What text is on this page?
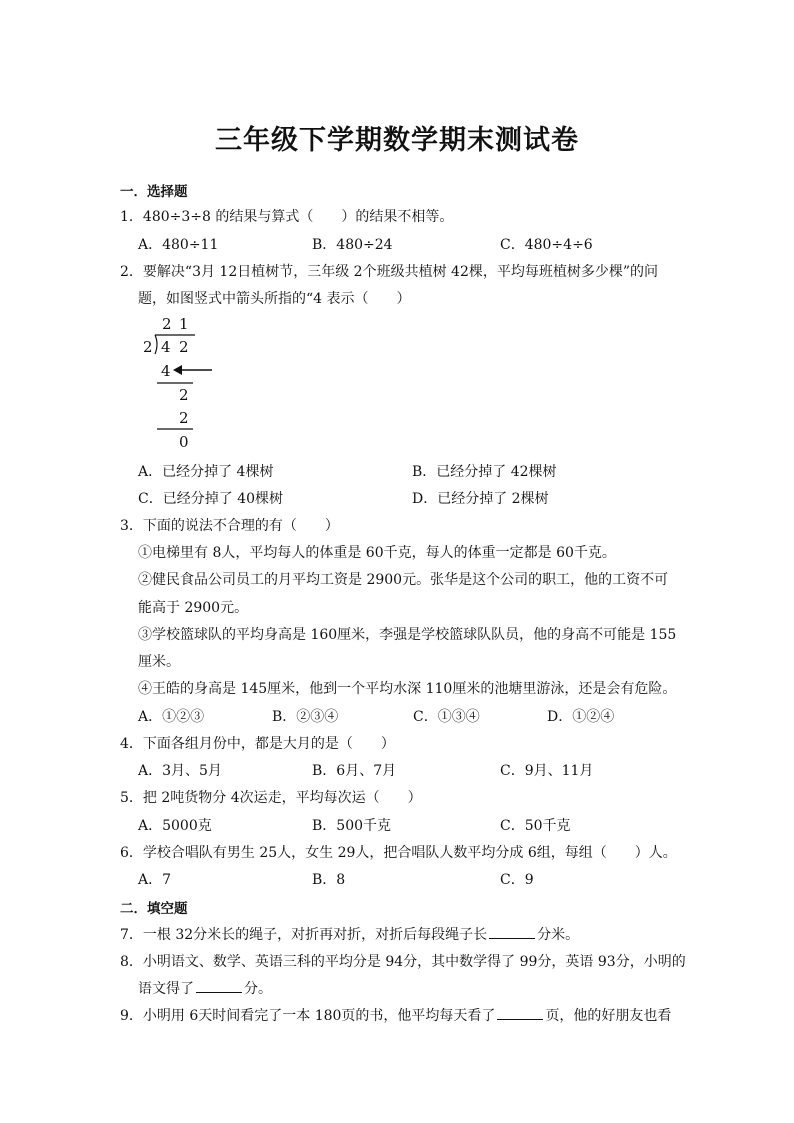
三年级下学期数学期末测试卷
一．选择题
1．480÷3÷8 的结果与算式（　　）的结果不相等。
A．480÷11	B．480÷24	C．480÷4÷6
2．要解决“3月 12日植树节，三年级 2个班级共植树 42棵，平均每班植树多少棵”的问
题，如图竖式中箭头所指的“4 表示（　　）
2 1
2 4 2
4
2
2
0
A．已经分掉了 4棵树	B．已经分掉了 42棵树
C．已经分掉了 40棵树	D．已经分掉了 2棵树
3．下面的说法不合理的有（　　）
①电梯里有 8人，平均每人的体重是 60千克，每人的体重一定都是 60千克。
②健民食品公司员工的月平均工资是 2900元。张华是这个公司的职工，他的工资不可
能高于 2900元。
③学校篮球队的平均身高是 160厘米，李强是学校篮球队队员，他的身高不可能是 155
厘米。
④王皓的身高是 145厘米，他到一个平均水深 110厘米的池塘里游泳，还是会有危险。
A．①②③	B．②③④	C．①③④	D．①②④
4．下面各组月份中，都是大月的是（　　）
A．3月、5月	B．6月、7月	C．9月、11月
5．把 2吨货物分 4次运走，平均每次运（　　）
A．5000克	B．500千克	C．50千克
6．学校合唱队有男生 25人，女生 29人，把合唱队人数平均分成 6组，每组（　　）人。
A．7	B．8	C．9
二．填空题
7．一根 32分米长的绳子，对折再对折，对折后每段绳子长	分米。
8．小明语文、数学、英语三科的平均分是 94分，其中数学得了 99分，英语 93分，小明的
语文得了	分。
9．小明用 6天时间看完了一本 180页的书，他平均每天看了	页，他的好朋友也看
